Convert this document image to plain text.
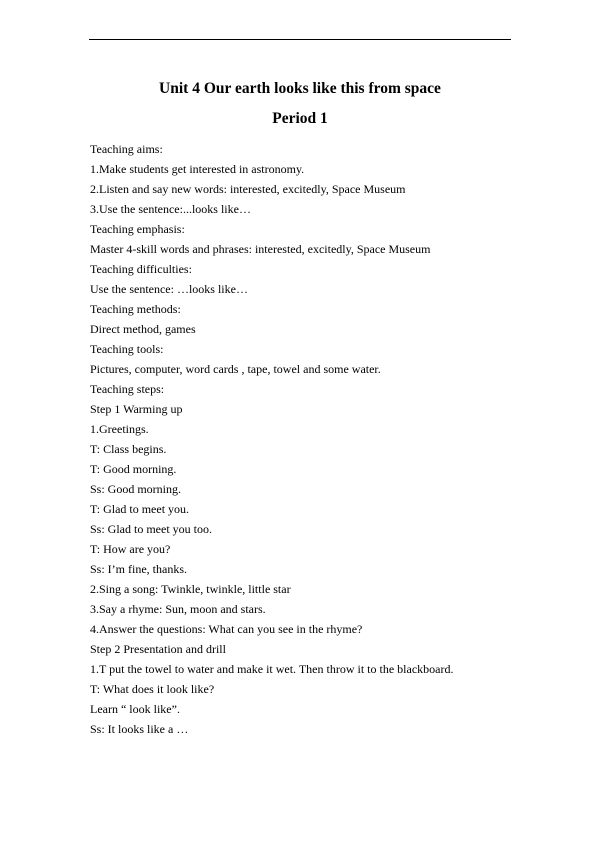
Unit 4 Our earth looks like this from space
Period 1
Teaching aims:
1.Make students get interested in astronomy.
2.Listen and say new words: interested, excitedly, Space Museum
3.Use the sentence:...looks like…
Teaching emphasis:
Master 4-skill words and phrases: interested, excitedly, Space Museum
Teaching difficulties:
Use the sentence: …looks like…
Teaching methods:
Direct method, games
Teaching tools:
Pictures, computer, word cards , tape, towel and some water.
Teaching steps:
Step 1 Warming up
1.Greetings.
T: Class begins.
T: Good morning.
Ss: Good morning.
T: Glad to meet you.
Ss: Glad to meet you too.
T: How are you?
Ss: I’m fine, thanks.
2.Sing a song: Twinkle, twinkle, little star
3.Say a rhyme: Sun, moon and stars.
4.Answer the questions: What can you see in the rhyme?
Step 2 Presentation and drill
1.T put the towel to water and make it wet. Then throw it to the blackboard.
T: What does it look like?
Learn “ look like”.
Ss: It looks like a …
